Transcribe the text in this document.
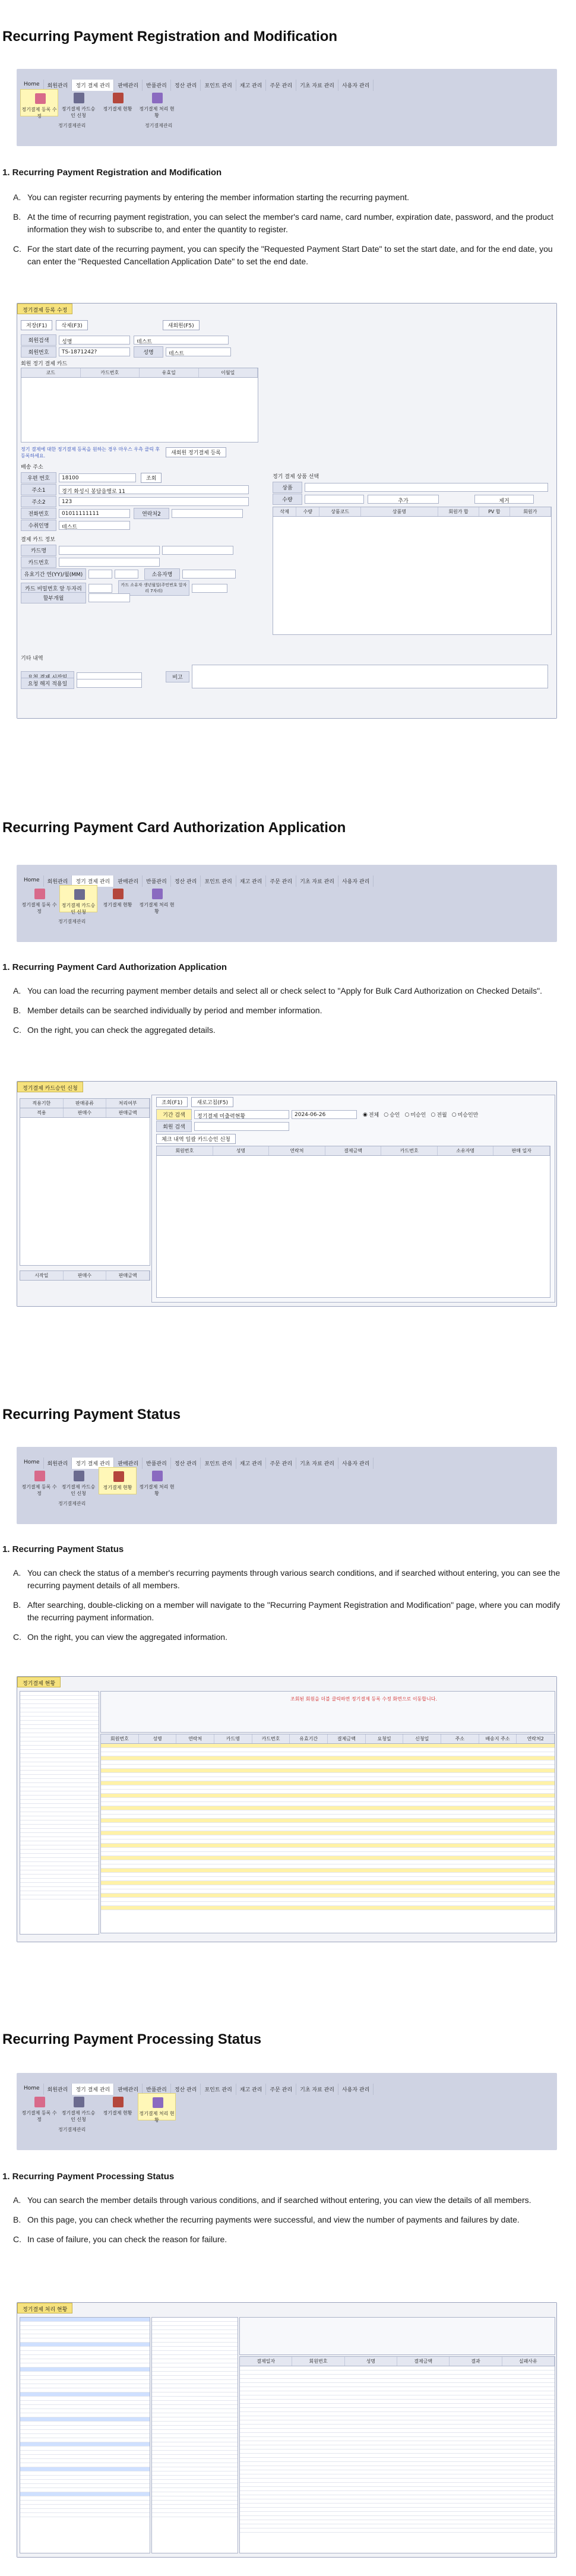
Recurring Payment Registration and Modification
Home	회원관리	정기 결제 관리	판매관리	반품관리	정산 관리	포인트 관리	재고 관리	주문 관리	기초 자료 관리	사용자 관리
정기결제 등록 수정
정기결제 카드승인 신청
정기결제 현황	정기결제 처리 현황
정기결제관리	정기결제관리
1. Recurring Payment Registration and Modification
A. You can register recurring payments by entering the member information starting the recurring payment.
B. At the time of recurring payment registration, you can select the member's card name, card number, expiration date, password, and the product information they wish to subscribe to, and enter the quantity to register.
C. For the start date of the recurring payment, you can specify the "Requested Payment Start Date" to set the start date, and for the end date, you can enter the "Requested Cancellation Application Date" to set the end date.
정기결제 등록 수정
저장(F1)	삭제(F3)	새회원(F5)
회원검색	성명	테스트
회원번호	TS-1871242?	성명	테스트
회원 정기 결제 카드
코드	카드번호	유효일	이월일
정기 결제에 대한 정기결제 등록을 원하는 경우 마우스 우측 클릭 후 등록하세요.	새회원 정기결제 등록
배송 주소
우편 번호	18100	조회
주소1	경기 화성시 봉담읍행로 11
주소2	123
전화번호	01011111111	연락처2
수취인명	테스트
결제 카드 정보
카드명
카드번호
유효기간 연(YY)/월(MM)	소유자명
카드 비밀번호 앞 두자리
카드 소유자 생년월일(주민번호 앞자리 7자리)
할부개월
정기 결제 상품 선택
상품
수량	추가	제거
삭제	수량	상품코드	상품명	회원가 합	PV 합	회원가
기타 내역
비고
요청 해지 적용일
Recurring Payment Card Authorization Application
Home	회원관리	정기 결제 관리	판매관리	반품관리	정산 관리	포인트 관리	재고 관리	주문 관리	기초 자료 관리	사용자 관리
정기결제 등록 수정
정기결제 카드승인 신청
정기결제 현황	정기결제 처리 현황
정기결제관리
1. Recurring Payment Card Authorization Application
A. You can load the recurring payment member details and select all or check select to "Apply for Bulk Card Authorization on Checked Details".
B. Member details can be searched individually by period and member information.
C. On the right, you can check the aggregated details.
정기결제 카드승인 신청
적용기한	판매종류	처리여부
적용	판매수	판매금액
시작일	판매수	판매금액
조회(F1)	새로고침(F5)
기간 검색	정기결제 미출력현황	2024-06-26	◉ 전체 ○ 승인 ○ 미승인 ○ 전월 ○ 미승인만
회원 검색
체크 내역 일괄 카드승인 신청
회원번호	성명	연락처	결제금액	카드번호	소유자명	판매 일자
Recurring Payment Status
Home	회원관리	정기 결제 관리	판매관리	반품관리	정산 관리	포인트 관리	재고 관리	주문 관리	기초 자료 관리	사용자 관리
정기결제 등록 수정
정기결제 카드승인 신청
정기결제 현황	정기결제 처리 현황
정기결제관리
1. Recurring Payment Status
A. You can check the status of a member's recurring payments through various search conditions, and if searched without entering, you can see the recurring payment details of all members.
B. After searching, double-clicking on a member will navigate to the "Recurring Payment Registration and Modification" page, where you can modify the recurring payment information.
C. On the right, you can view the aggregated information.
정기결제 현황
조회된 회원을 더블 클릭하면 정기결제 등록 수정 화면으로 이동합니다.
회원번호	성명	연락처	카드명	카드번호	유효기간	결제금액	요청일	신청일	주소	배송지 주소	연락처2
Recurring Payment Processing Status
Home	회원관리	정기 결제 관리	판매관리	반품관리	정산 관리	포인트 관리	재고 관리	주문 관리	기초 자료 관리	사용자 관리
정기결제 등록 수정
정기결제 카드승인 신청
정기결제 현황	정기결제 처리 현황
정기결제관리
1. Recurring Payment Processing Status
A. You can search the member details through various conditions, and if searched without entering, you can view the details of all members.
B. On this page, you can check whether the recurring payments were successful, and view the number of payments and failures by date.
C. In case of failure, you can check the reason for failure.
정기결제 처리 현황
결제일자	회원번호	성명	결제금액	결과	실패사유
